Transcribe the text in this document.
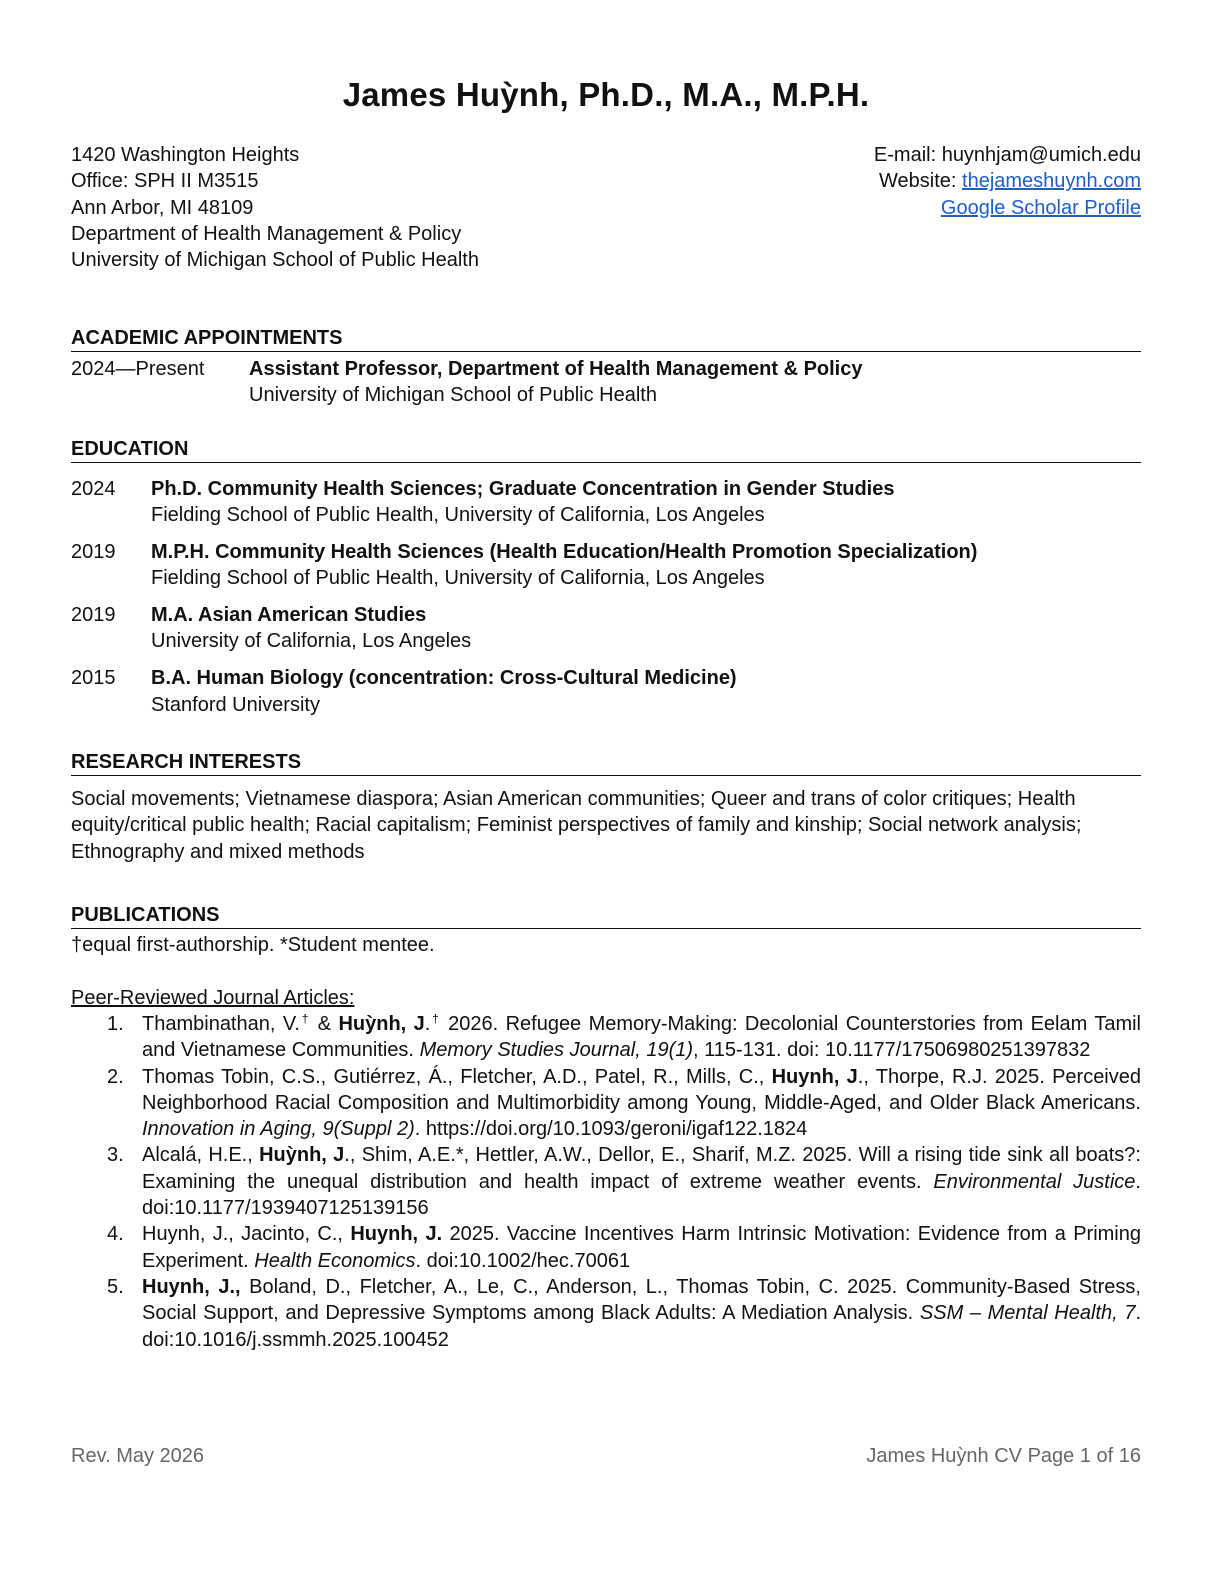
James Huỳnh, Ph.D., M.A., M.P.H.
1420 Washington Heights
Office: SPH II M3515
Ann Arbor, MI 48109
Department of Health Management & Policy
University of Michigan School of Public Health
E-mail: huynhjam@umich.edu
Website: thejameshuynh.com
Google Scholar Profile
ACADEMIC APPOINTMENTS
2024—Present	Assistant Professor, Department of Health Management & Policy
University of Michigan School of Public Health
EDUCATION
2024	Ph.D. Community Health Sciences; Graduate Concentration in Gender Studies
Fielding School of Public Health, University of California, Los Angeles
2019	M.P.H. Community Health Sciences (Health Education/Health Promotion Specialization)
Fielding School of Public Health, University of California, Los Angeles
2019	M.A. Asian American Studies
University of California, Los Angeles
2015	B.A. Human Biology (concentration: Cross-Cultural Medicine)
Stanford University
RESEARCH INTERESTS
Social movements; Vietnamese diaspora; Asian American communities; Queer and trans of color critiques; Health equity/critical public health; Racial capitalism; Feminist perspectives of family and kinship; Social network analysis; Ethnography and mixed methods
PUBLICATIONS
†equal first-authorship. *Student mentee.
Peer-Reviewed Journal Articles:
1. Thambinathan, V.† & Huỳnh, J.† 2026. Refugee Memory-Making: Decolonial Counterstories from Eelam Tamil and Vietnamese Communities. Memory Studies Journal, 19(1), 115-131. doi: 10.1177/17506980251397832
2. Thomas Tobin, C.S., Gutiérrez, Á., Fletcher, A.D., Patel, R., Mills, C., Huynh, J., Thorpe, R.J. 2025. Perceived Neighborhood Racial Composition and Multimorbidity among Young, Middle-Aged, and Older Black Americans. Innovation in Aging, 9(Suppl 2). https://doi.org/10.1093/geroni/igaf122.1824
3. Alcalá, H.E., Huỳnh, J., Shim, A.E.*, Hettler, A.W., Dellor, E., Sharif, M.Z. 2025. Will a rising tide sink all boats?: Examining the unequal distribution and health impact of extreme weather events. Environmental Justice. doi:10.1177/1939407125139156
4. Huynh, J., Jacinto, C., Huynh, J. 2025. Vaccine Incentives Harm Intrinsic Motivation: Evidence from a Priming Experiment. Health Economics. doi:10.1002/hec.70061
5. Huynh, J., Boland, D., Fletcher, A., Le, C., Anderson, L., Thomas Tobin, C. 2025. Community-Based Stress, Social Support, and Depressive Symptoms among Black Adults: A Mediation Analysis. SSM – Mental Health, 7. doi:10.1016/j.ssmmh.2025.100452
Rev. May 2026	James Huỳnh CV Page 1 of 16
